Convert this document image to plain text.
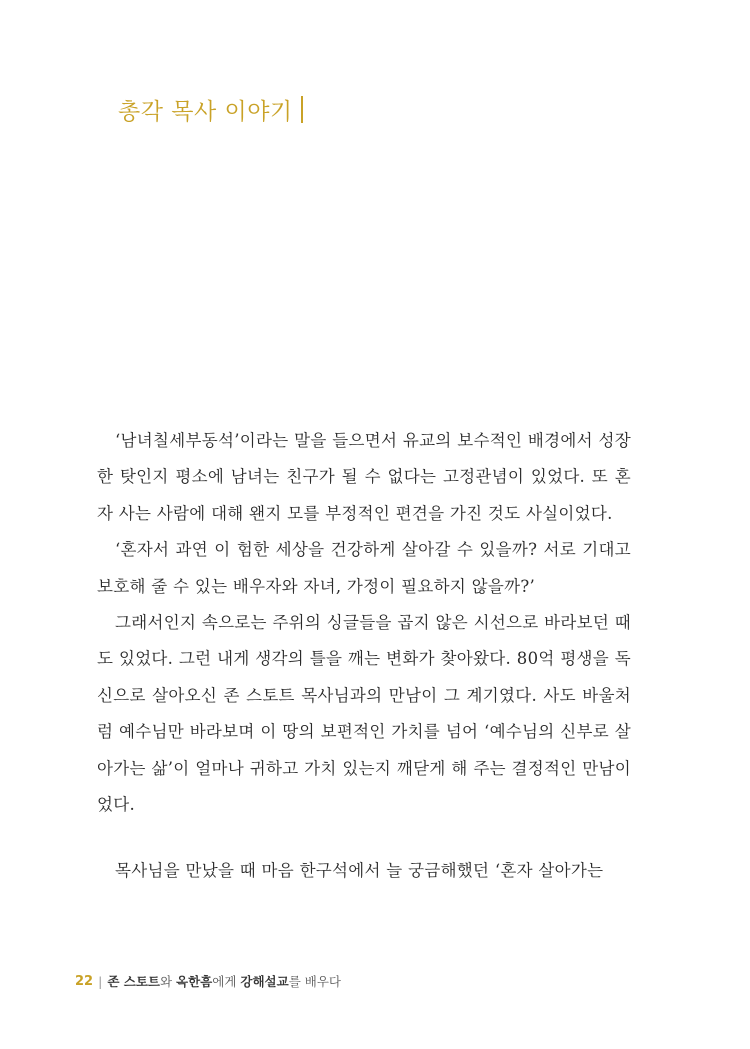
총각 목사 이야기

‘남녀칠세부동석’이라는 말을 들으면서 유교의 보수적인 배경에서 성장한 탓인지 평소에 남녀는 친구가 될 수 없다는 고정관념이 있었다. 또 혼자 사는 사람에 대해 왠지 모를 부정적인 편견을 가진 것도 사실이었다.

‘혼자서 과연 이 험한 세상을 건강하게 살아갈 수 있을까? 서로 기대고 보호해 줄 수 있는 배우자와 자녀, 가정이 필요하지 않을까?’

그래서인지 속으로는 주위의 싱글들을 곱지 않은 시선으로 바라보던 때도 있었다. 그런 내게 생각의 틀을 깨는 변화가 찾아왔다. 80억 평생을 독신으로 살아오신 존 스토트 목사님과의 만남이 그 계기였다. 사도 바울처럼 예수님만 바라보며 이 땅의 보편적인 가치를 넘어 ‘예수님의 신부로 살아가는 삶’이 얼마나 귀하고 가치 있는지 깨닫게 해 주는 결정적인 만남이었다.

목사님을 만났을 때 마음 한구석에서 늘 궁금해했던 ‘혼자 살아가는

22 | 존 스토트와 옥한흠에게 강해설교를 배우다
